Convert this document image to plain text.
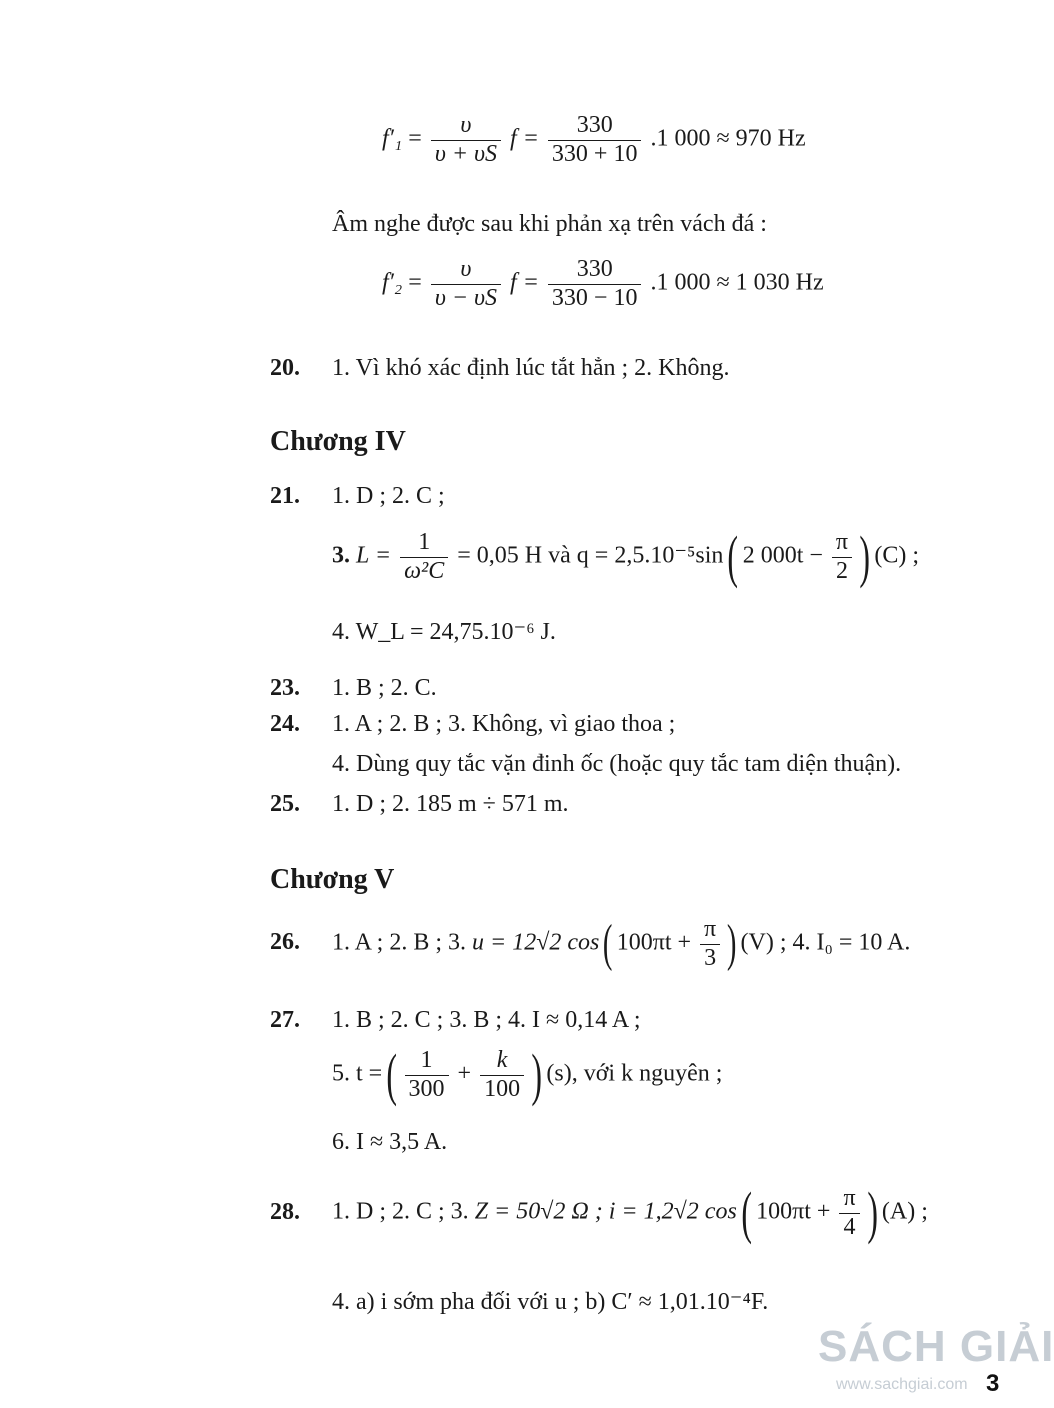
$f'_1 = \frac{\upsilon}{\upsilon + \upsilon S}$ $f = \frac{330}{330 + 10} .1$ 000 ≈ 970 Hz
Âm nghe được sau khi phản xạ trên vách đá :
$f'_2 = \frac{\upsilon}{\upsilon - \upsilon S}$ $f = \frac{330}{330 - 10} .1$ 000 ≈ 1 030 Hz
20. 1. Vì khó xác định lúc tắt hẳn ; 2. Không.
Chương IV
21. 1. D ; 2. C ;
3. $L = \frac{1}{\text{ω²C}} = 0,05$ H và q = 2,5.10⁻⁵sin ( 2 $000t - \frac{\pi}{2}$ ) (C) ;
4. W_L = 24,75.10⁻⁶ J.
23. 1. B ; 2. C.
24. 1. A ; 2. B ; 3. Không, vì giao thoa ;
4. Dùng quy tắc vặn đinh ốc (hoặc quy tắc tam diện thuận).
25. 1. D ; 2. 185 m ÷ 571 m.
Chương V
26. 1. A ; 2. B ; 3. u = 12√2 cos ( $100\pi t + \frac{\pi}{3}$ ) (V) ; 4. I₀ = 10 A.
27. 1. B ; 2. C ; 3. B ; 4. I ≈ 0,14 A ;
5. t = ( $\frac{1}{300} + \frac{k}{100}$ ) (s), với k nguyên ;
6. I ≈ 3,5 A.
28. 1. D ; 2. C ; 3. Z = 50√2 Ω ; i = 1,2√2 cos ( $100\pi t + \frac{\pi}{4}$ ) (A) ;
4. a) i sớm pha đối với u ; b) C′ ≈ 1,01.10⁻⁴F.
SÁCH GIẢI
www.sachgiai.com 3
